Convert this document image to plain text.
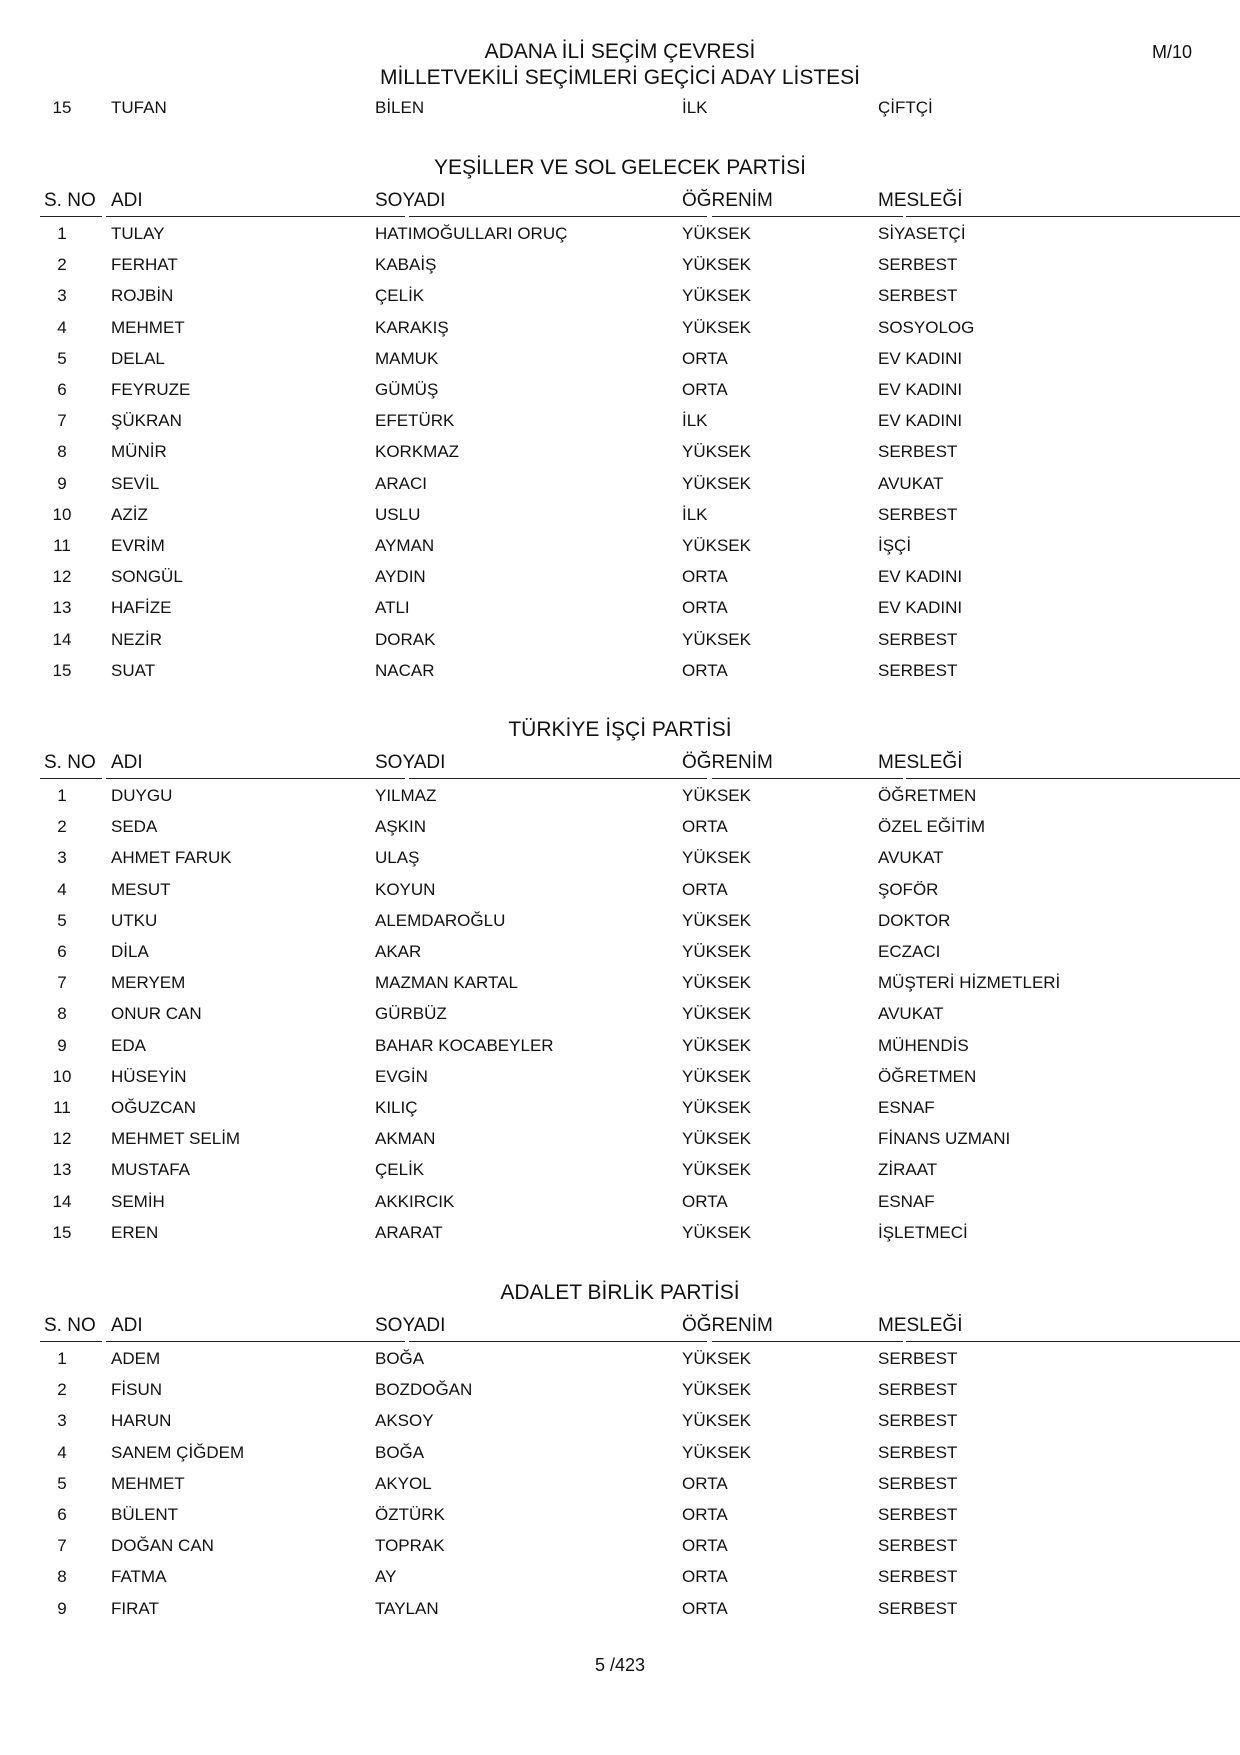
ADANA İLİ SEÇİM ÇEVRESİ
MİLLETVEKİLİ SEÇİMLERİ GEÇİCİ ADAY LİSTESİ
M/10
15	TUFAN	BİLEN	İLK	ÇİFTÇİ
YEŞİLLER VE SOL GELECEK PARTİSİ
S. NO ADI	SOYADI	ÖĞRENİM	MESLEĞİ
1	TULAY	HATIMOĞULLARI ORUÇ	YÜKSEK	SİYASETÇİ
2	FERHAT	KABAİŞ	YÜKSEK	SERBEST
3	ROJBİN	ÇELİK	YÜKSEK	SERBEST
4	MEHMET	KARAKIŞ	YÜKSEK	SOSYOLOG
5	DELAL	MAMUK	ORTA	EV KADINI
6	FEYRUZE	GÜMÜŞ	ORTA	EV KADINI
7	ŞÜKRAN	EFETÜRK	İLK	EV KADINI
8	MÜNİR	KORKMAZ	YÜKSEK	SERBEST
9	SEVİL	ARACI	YÜKSEK	AVUKAT
10	AZİZ	USLU	İLK	SERBEST
11	EVRİM	AYMAN	YÜKSEK	İŞÇİ
12	SONGÜL	AYDIN	ORTA	EV KADINI
13	HAFİZE	ATLI	ORTA	EV KADINI
14	NEZİR	DORAK	YÜKSEK	SERBEST
15	SUAT	NACAR	ORTA	SERBEST
TÜRKİYE İŞÇİ PARTİSİ
S. NO ADI	SOYADI	ÖĞRENİM	MESLEĞİ
1	DUYGU	YILMAZ	YÜKSEK	ÖĞRETMEN
2	SEDA	AŞKIN	ORTA	ÖZEL EĞİTİM
3	AHMET FARUK	ULAŞ	YÜKSEK	AVUKAT
4	MESUT	KOYUN	ORTA	ŞOFÖR
5	UTKU	ALEMDAROĞLU	YÜKSEK	DOKTOR
6	DİLA	AKAR	YÜKSEK	ECZACI
7	MERYEM	MAZMAN KARTAL	YÜKSEK	MÜŞTERİ HİZMETLERİ
8	ONUR CAN	GÜRBÜZ	YÜKSEK	AVUKAT
9	EDA	BAHAR KOCABEYLER	YÜKSEK	MÜHENDİS
10	HÜSEYİN	EVGİN	YÜKSEK	ÖĞRETMEN
11	OĞUZCAN	KILIÇ	YÜKSEK	ESNAF
12	MEHMET SELİM	AKMAN	YÜKSEK	FİNANS UZMANI
13	MUSTAFA	ÇELİK	YÜKSEK	ZİRAAT
14	SEMİH	AKKIRCIK	ORTA	ESNAF
15	EREN	ARARAT	YÜKSEK	İŞLETMECİ
ADALET BİRLİK PARTİSİ
S. NO ADI	SOYADI	ÖĞRENİM	MESLEĞİ
1	ADEM	BOĞA	YÜKSEK	SERBEST
2	FİSUN	BOZDOĞAN	YÜKSEK	SERBEST
3	HARUN	AKSOY	YÜKSEK	SERBEST
4	SANEM ÇİĞDEM	BOĞA	YÜKSEK	SERBEST
5	MEHMET	AKYOL	ORTA	SERBEST
6	BÜLENT	ÖZTÜRK	ORTA	SERBEST
7	DOĞAN CAN	TOPRAK	ORTA	SERBEST
8	FATMA	AY	ORTA	SERBEST
9	FIRAT	TAYLAN	ORTA	SERBEST
5 /423
